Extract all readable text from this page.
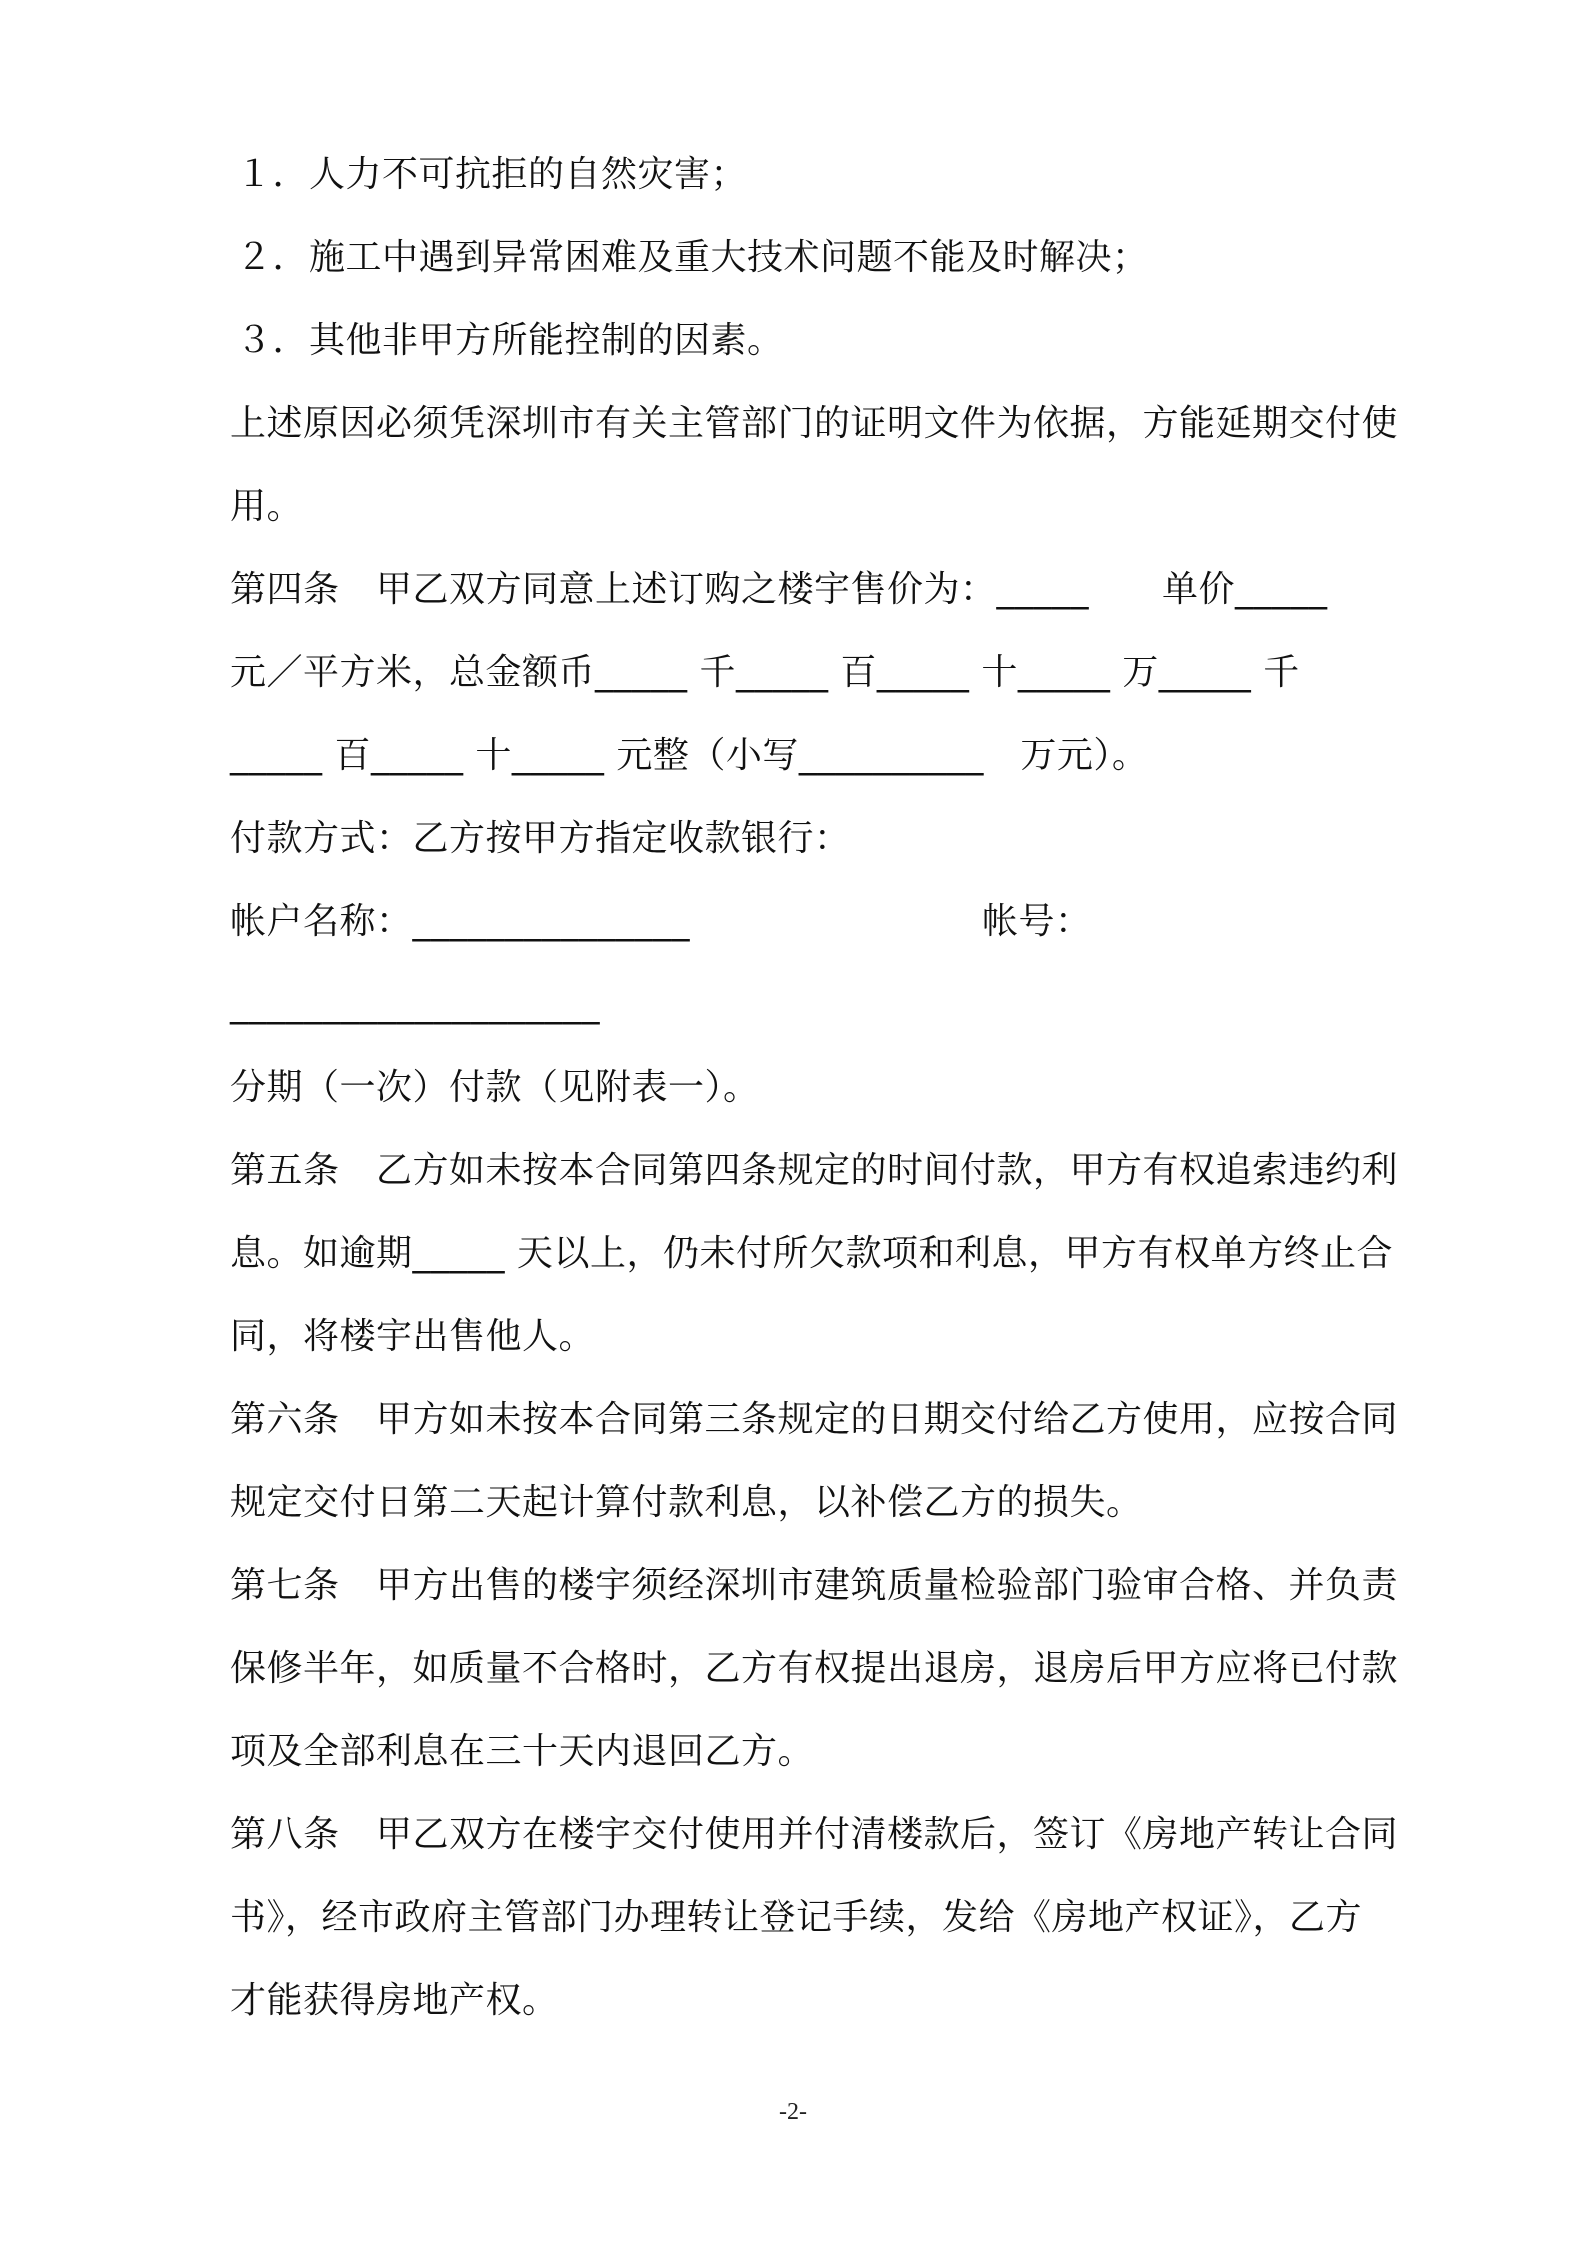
１．人力不可抗拒的自然灾害；
２．施工中遇到异常困难及重大技术问题不能及时解决；
３．其他非甲方所能控制的因素。
上述原因必须凭深圳市有关主管部门的证明文件为依据，方能延期交付使
用。
第四条　甲乙双方同意上述订购之楼宇售价为：_____　　单价_____
元／平方米，总金额币_____ 千_____ 百_____ 十_____ 万_____ 千
_____ 百_____ 十_____ 元整（小写__________　万元）。
付款方式：乙方按甲方指定收款银行：
帐户名称：_______________　　　　　　　　帐号：
____________________
分期（一次）付款（见附表一）。
第五条　乙方如未按本合同第四条规定的时间付款，甲方有权追索违约利
息。如逾期_____ 天以上，仍未付所欠款项和利息，甲方有权单方终止合
同，将楼宇出售他人。
第六条　甲方如未按本合同第三条规定的日期交付给乙方使用，应按合同
规定交付日第二天起计算付款利息，以补偿乙方的损失。
第七条　甲方出售的楼宇须经深圳市建筑质量检验部门验审合格、并负责
保修半年，如质量不合格时，乙方有权提出退房，退房后甲方应将已付款
项及全部利息在三十天内退回乙方。
第八条　甲乙双方在楼宇交付使用并付清楼款后，签订《房地产转让合同
书》，经市政府主管部门办理转让登记手续，发给《房地产权证》，乙方
才能获得房地产权。
-2-
